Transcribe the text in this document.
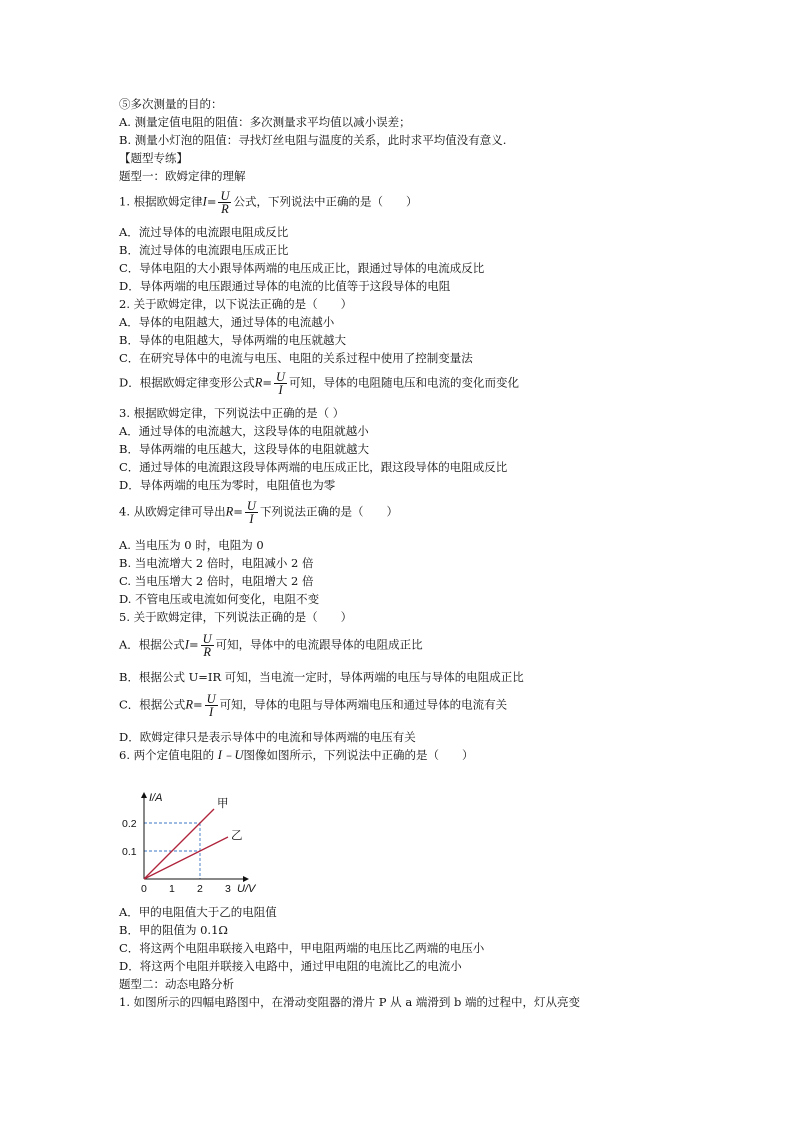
⑤多次测量的目的：
A. 测量定值电阻的阻值：多次测量求平均值以减小误差；
B. 测量小灯泡的阻值：寻找灯丝电阻与温度的关系，此时求平均值没有意义.
【题型专练】
题型一：欧姆定律的理解
1. 根据欧姆定律$I= \frac{U}{R}$ 公式，下列说法中正确的是（　　）
A．流过导体的电流跟电阻成反比
B．流过导体的电流跟电压成正比
C．导体电阻的大小跟导体两端的电压成正比，跟通过导体的电流成反比
D．导体两端的电压跟通过导体的电流的比值等于这段导体的电阻
2. 关于欧姆定律，以下说法正确的是（　　）
A．导体的电阻越大，通过导体的电流越小
B．导体的电阻越大，导体两端的电压就越大
C．在研究导体中的电流与电压、电阻的关系过程中使用了控制变量法
D．根据欧姆定律变形公式$R= \frac{U}{I}$ 可知，导体的电阻随电压和电流的变化而变化
3. 根据欧姆定律，下列说法中正确的是（ ）
A．通过导体的电流越大，这段导体的电阻就越小
B．导体两端的电压越大，这段导体的电阻就越大
C．通过导体的电流跟这段导体两端的电压成正比，跟这段导体的电阻成反比
D．导体两端的电压为零时，电阻值也为零
4. 从欧姆定律可导出$R= \frac{U}{I}$ 下列说法正确的是（　　）
A. 当电压为 0 时，电阻为 0
B. 当电流增大 2 倍时，电阻减小 2 倍
C. 当电压增大 2 倍时，电阻增大 2 倍
D. 不管电压或电流如何变化，电阻不变
5. 关于欧姆定律，下列说法正确的是（　　）
A．根据公式$I= \frac{U}{R}$ 可知，导体中的电流跟导体的电阻成正比
B．根据公式 U=IR 可知，当电流一定时，导体两端的电压与导体的电阻成正比
C．根据公式$R= \frac{U}{I}$ 可知，导体的电阻与导体两端电压和通过导体的电流有关
D．欧姆定律只是表示导体中的电流和导体两端的电压有关
6. 两个定值电阻的 I﹣U图像如图所示，下列说法中正确的是（　　）
I/A
U/V
0 1 2 3
0.1
0.2
甲
乙
A．甲的电阻值大于乙的电阻值
B．甲的阻值为 0.1Ω
C．将这两个电阻串联接入电路中，甲电阻两端的电压比乙两端的电压小
D．将这两个电阻并联接入电路中，通过甲电阻的电流比乙的电流小
题型二：动态电路分析
1. 如图所示的四幅电路图中，在滑动变阻器的滑片 P 从 a 端滑到 b 端的过程中，灯从亮变
